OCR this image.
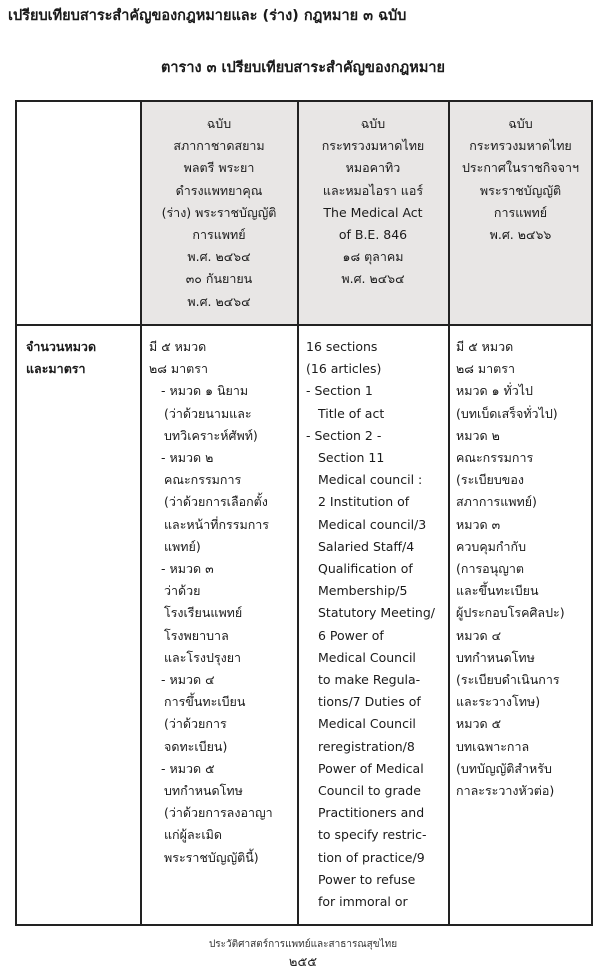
เปรียบเทียบสาระสำคัญของกฎหมายและ (ร่าง) กฎหมาย ๓ ฉบับ
ตาราง ๓ เปรียบเทียบสาระสำคัญของกฎหมาย
ฉบับ
สภากาชาดสยาม
พลตรี พระยา
ดำรงแพทยาคุณ
(ร่าง) พระราชบัญญัติ
การแพทย์
พ.ศ. ๒๔๖๔
๓๐ กันยายน
พ.ศ. ๒๔๖๔
ฉบับ
กระทรวงมหาดไทย
หมอคาทิว
และหมอไอรา แอร์
The Medical Act
of B.E. 846
๑๘ ตุลาคม
พ.ศ. ๒๔๖๔
ฉบับ
กระทรวงมหาดไทย
ประกาศในราชกิจจาฯ
พระราชบัญญัติ
การแพทย์
พ.ศ. ๒๔๖๖
จำนวนหมวด
และมาตรา
มี ๕ หมวด
๒๘ มาตรา
- หมวด ๑ นิยาม
(ว่าด้วยนามและ
บทวิเคราะห์ศัพท์)
- หมวด ๒
คณะกรรมการ
(ว่าด้วยการเลือกตั้ง
และหน้าที่กรรมการ
แพทย์)
- หมวด ๓
ว่าด้วย
โรงเรียนแพทย์
โรงพยาบาล
และโรงปรุงยา
- หมวด ๔
การขึ้นทะเบียน
(ว่าด้วยการ
จดทะเบียน)
- หมวด ๕
บทกำหนดโทษ
(ว่าด้วยการลงอาญา
แก่ผู้ละเมิด
พระราชบัญญัตินี้)
16 sections
(16 articles)
- Section 1
Title of act
- Section 2 -
Section 11
Medical council :
2 Institution of
Medical council/3
Salaried Staff/4
Qualification of
Membership/5
Statutory Meeting/
6 Power of
Medical Council
to make Regula-
tions/7 Duties of
Medical Council
reregistration/8
Power of Medical
Council to grade
Practitioners and
to specify restric-
tion of practice/9
Power to refuse
for immoral or
มี ๕ หมวด
๒๘ มาตรา
หมวด ๑ ทั่วไป
(บทเบ็ดเสร็จทั่วไป)
หมวด ๒
คณะกรรมการ
(ระเบียบของ
สภาการแพทย์)
หมวด ๓
ควบคุมกำกับ
(การอนุญาต
และขึ้นทะเบียน
ผู้ประกอบโรคศิลปะ)
หมวด ๔
บทกำหนดโทษ
(ระเบียบดำเนินการ
และระวางโทษ)
หมวด ๕
บทเฉพาะกาล
(บทบัญญัติสำหรับ
กาละระวางหัวต่อ)
ประวัติศาสตร์การแพทย์และสาธารณสุขไทย
๒๕๕
